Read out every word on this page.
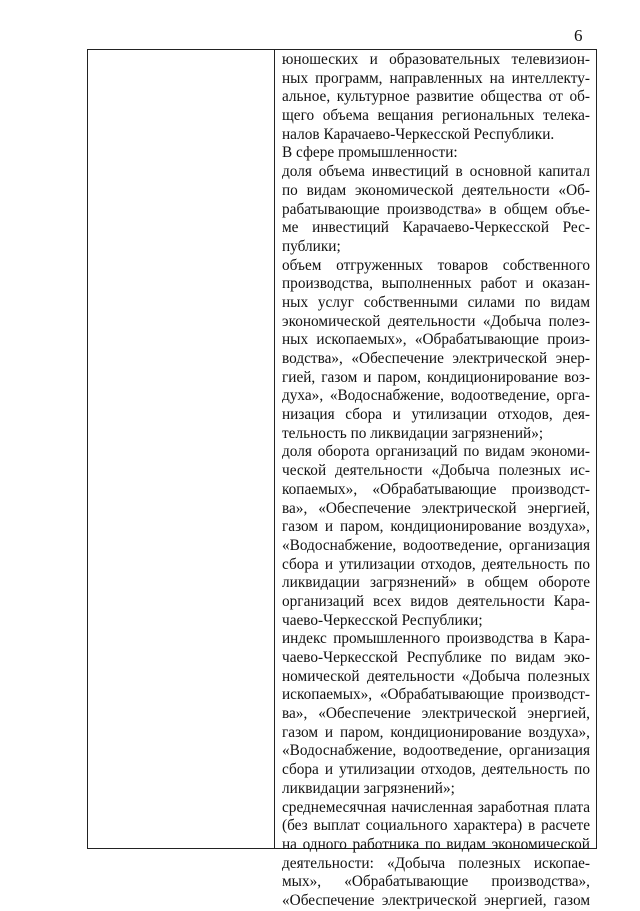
6
юношеских и образовательных телевизион-
ных программ, направленных на интеллекту-
альное, культурное развитие общества от об-
щего объема вещания региональных телека-
налов Карачаево-Черкесской Республики.
В сфере промышленности:
доля объема инвестиций в основной капитал
по видам экономической деятельности «Об-
рабатывающие производства» в общем объе-
ме инвестиций Карачаево-Черкесской Рес-
публики;
объем отгруженных товаров собственного
производства, выполненных работ и оказан-
ных услуг собственными силами по видам
экономической деятельности «Добыча полез-
ных ископаемых», «Обрабатывающие произ-
водства», «Обеспечение электрической энер-
гией, газом и паром, кондиционирование воз-
духа», «Водоснабжение, водоотведение, орга-
низация сбора и утилизации отходов, дея-
тельность по ликвидации загрязнений»;
доля оборота организаций по видам экономи-
ческой деятельности «Добыча полезных ис-
копаемых», «Обрабатывающие производст-
ва», «Обеспечение электрической энергией,
газом и паром, кондиционирование воздуха»,
«Водоснабжение, водоотведение, организация
сбора и утилизации отходов, деятельность по
ликвидации загрязнений» в общем обороте
организаций всех видов деятельности Кара-
чаево-Черкесской Республики;
индекс промышленного производства в Кара-
чаево-Черкесской Республике по видам эко-
номической деятельности «Добыча полезных
ископаемых», «Обрабатывающие производст-
ва», «Обеспечение электрической энергией,
газом и паром, кондиционирование воздуха»,
«Водоснабжение, водоотведение, организация
сбора и утилизации отходов, деятельность по
ликвидации загрязнений»;
среднемесячная начисленная заработная плата
(без выплат социального характера) в расчете
на одного работника по видам экономической
деятельности: «Добыча полезных ископае-
мых», «Обрабатывающие производства»,
«Обеспечение электрической энергией, газом
